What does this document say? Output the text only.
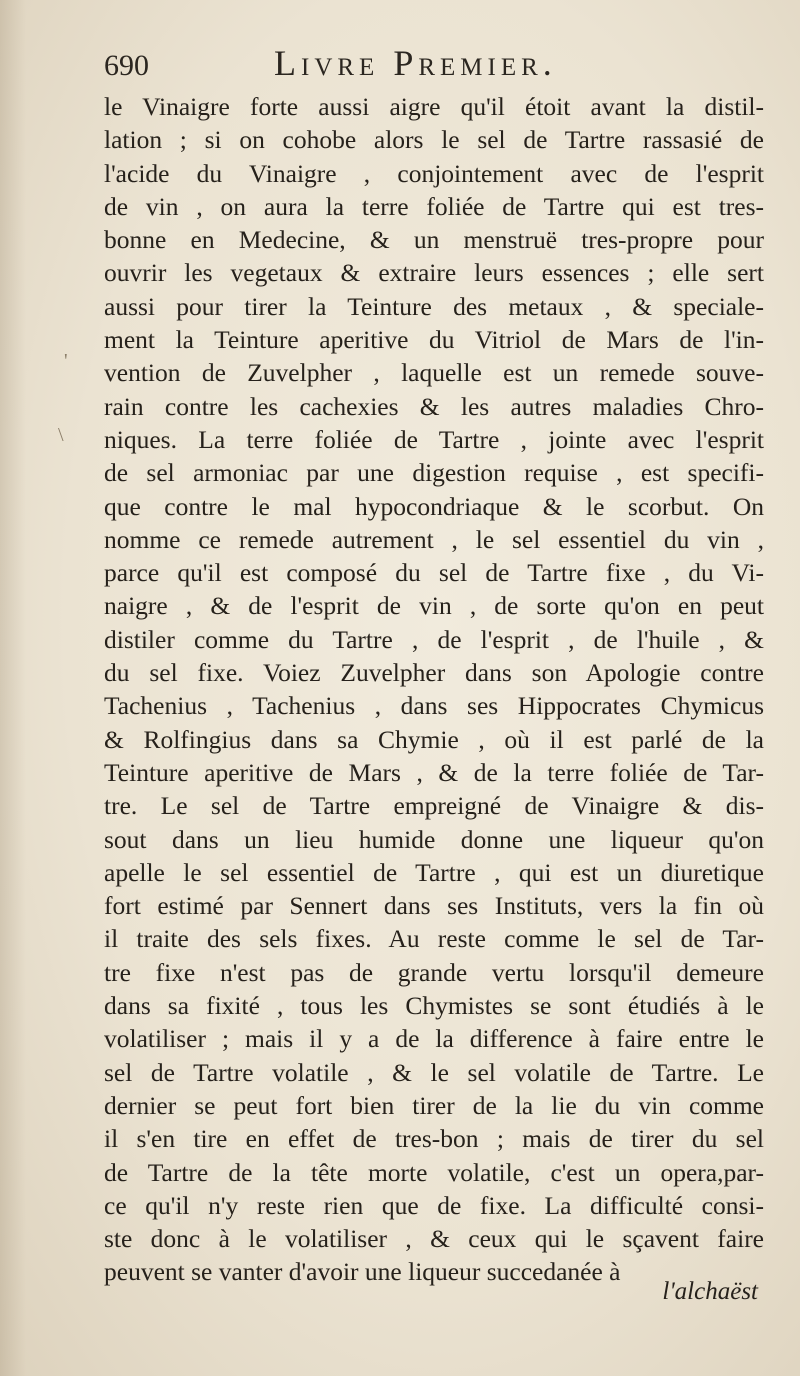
690	Livre Premier.
'
\
le Vinaigre forte aussi aigre qu'il étoit avant la distil-
lation ; si on cohobe alors le sel de Tartre rassasié de
l'acide du Vinaigre , conjointement avec de l'esprit
de vin , on aura la terre foliée de Tartre qui est tres-
bonne en Medecine, & un menstruë tres-propre pour
ouvrir les vegetaux & extraire leurs essences ; elle sert
aussi pour tirer la Teinture des metaux , & speciale-
ment la Teinture aperitive du Vitriol de Mars de l'in-
vention de Zuvelpher , laquelle est un remede souve-
rain contre les cachexies & les autres maladies Chro-
niques. La terre foliée de Tartre , jointe avec l'esprit
de sel armoniac par une digestion requise , est specifi-
que contre le mal hypocondriaque & le scorbut. On
nomme ce remede autrement , le sel essentiel du vin ,
parce qu'il est composé du sel de Tartre fixe , du Vi-
naigre , & de l'esprit de vin , de sorte qu'on en peut
distiler comme du Tartre , de l'esprit , de l'huile , &
du sel fixe. Voiez Zuvelpher dans son Apologie contre
Tachenius , Tachenius , dans ses Hippocrates Chymicus
& Rolfingius dans sa Chymie , où il est parlé de la
Teinture aperitive de Mars , & de la terre foliée de Tar-
tre. Le sel de Tartre empreigné de Vinaigre & dis-
sout dans un lieu humide donne une liqueur qu'on
apelle le sel essentiel de Tartre , qui est un diuretique
fort estimé par Sennert dans ses Instituts, vers la fin où
il traite des sels fixes. Au reste comme le sel de Tar-
tre fixe n'est pas de grande vertu lorsqu'il demeure
dans sa fixité , tous les Chymistes se sont étudiés à le
volatiliser ; mais il y a de la difference à faire entre le
sel de Tartre volatile , & le sel volatile de Tartre. Le
dernier se peut fort bien tirer de la lie du vin comme
il s'en tire en effet de tres-bon ; mais de tirer du sel
de Tartre de la tête morte volatile, c'est un opera,par-
ce qu'il n'y reste rien que de fixe. La difficulté consi-
ste donc à le volatiliser , & ceux qui le sçavent faire
peuvent se vanter d'avoir une liqueur succedanée à
l'alchaëst
